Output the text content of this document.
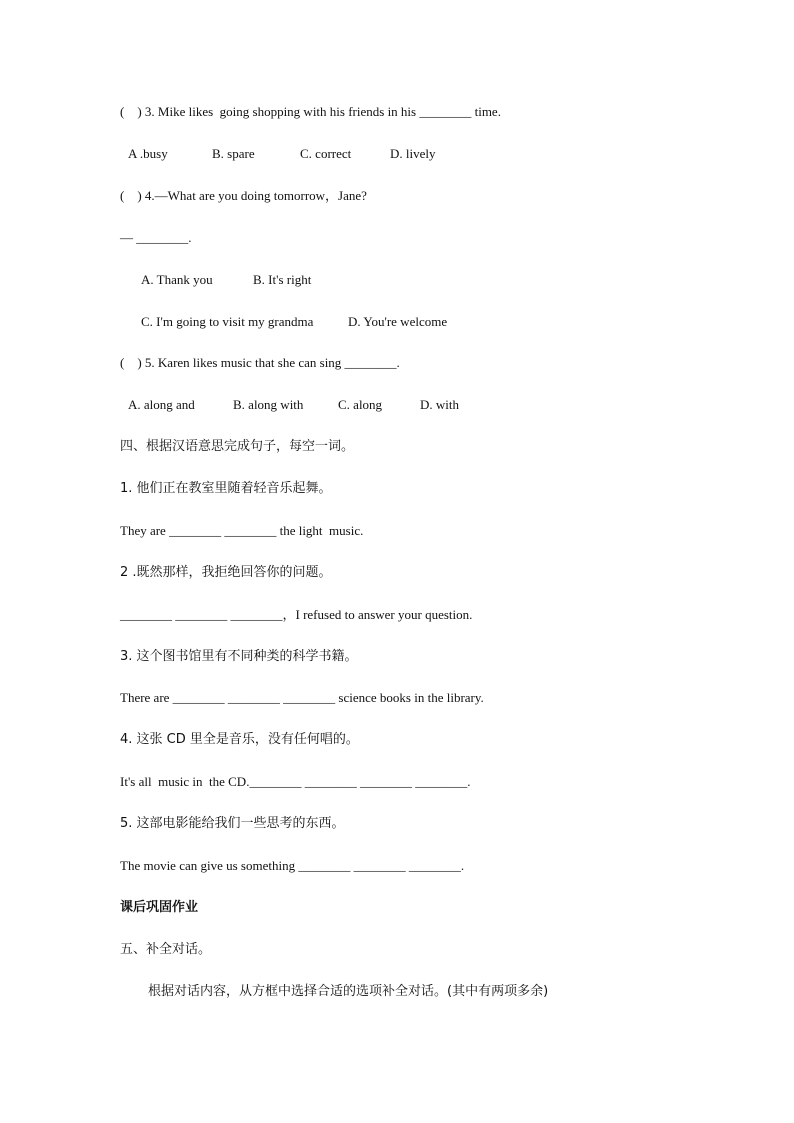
(    ) 3. Mike likes  going shopping with his friends in his ________ time.
A .busy	B. spare	C. correct	D. lively
(    ) 4.—What are you doing tomorrow，Jane?
— ________.
A. Thank you	B. It's right
C. I'm going to visit my grandma	D. You're welcome
(    ) 5. Karen likes music that she can sing ________.
A. along and	B. along with	C. along	D. with
四、根据汉语意思完成句子，每空一词。
1. 他们正在教室里随着轻音乐起舞。
They are ________ ________ the light  music.
2 .既然那样，我拒绝回答你的问题。
________ ________ ________，I refused to answer your question.
3. 这个图书馆里有不同种类的科学书籍。
There are ________ ________ ________ science books in the library.
4. 这张 CD 里全是音乐，没有任何唱的。
It's all  music in  the CD.________ ________ ________ ________.
5. 这部电影能给我们一些思考的东西。
The movie can give us something ________ ________ ________.
课后巩固作业
五、补全对话。
根据对话内容，从方框中选择合适的选项补全对话。(其中有两项多余)
